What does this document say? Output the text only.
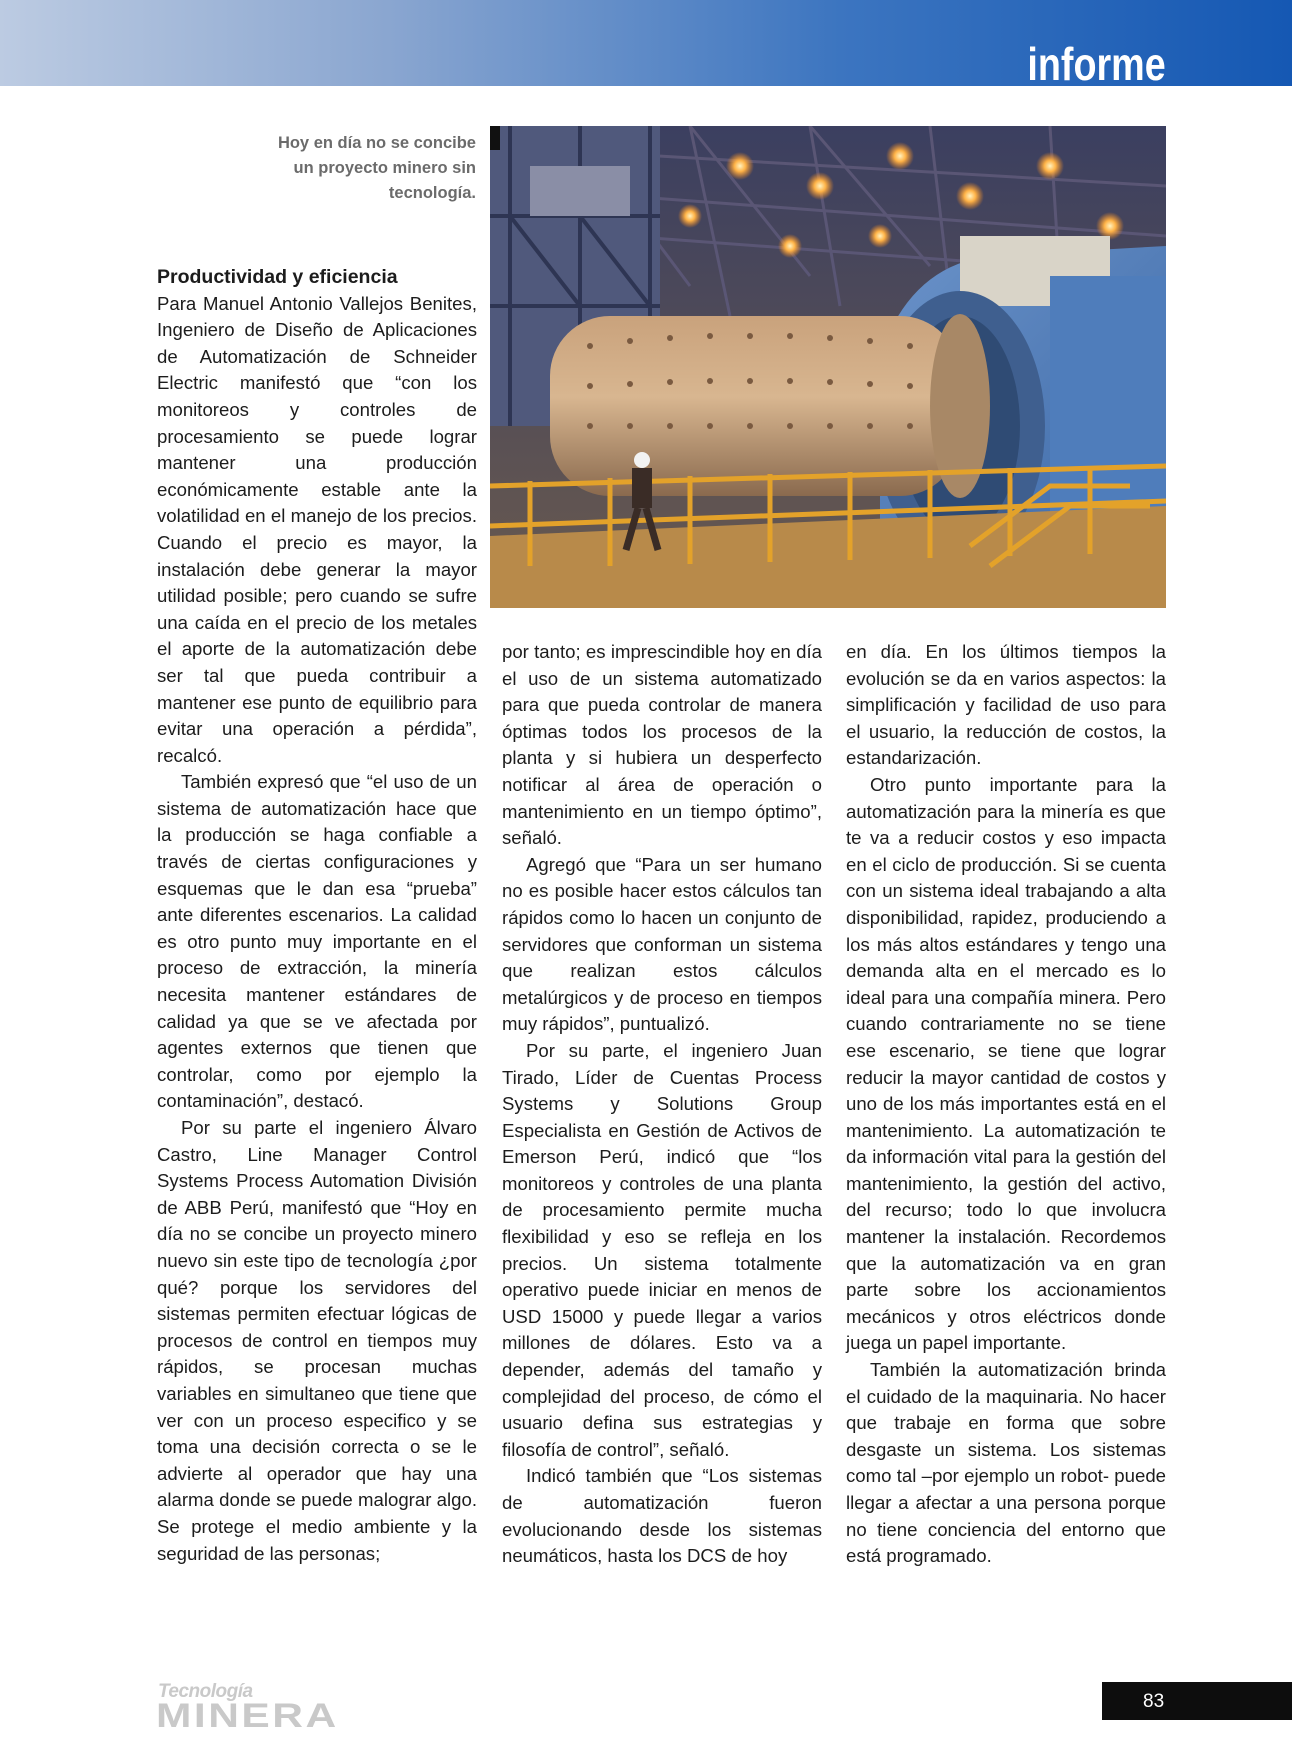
informe
Hoy en día no se concibe
un proyecto minero sin
tecnología.

Productividad y eficiencia

Para Manuel Antonio Vallejos Benites, Ingeniero de Diseño de Aplicaciones de Automatización de Schneider Electric manifestó que “con los monitoreos y controles de procesamiento se puede lograr mantener una producción económicamente estable ante la volatilidad en el manejo de los precios. Cuando el precio es mayor, la instalación debe generar la mayor utilidad posible; pero cuando se sufre una caída en el precio de los metales el aporte de la automatización debe ser tal que pueda contribuir a mantener ese punto de equilibrio para evitar una operación a pérdida”, recalcó.

También expresó que “el uso de un sistema de automatización hace que la producción se haga confiable a través de ciertas configuraciones y esquemas que le dan esa “prueba” ante diferentes escenarios. La calidad es otro punto muy importante en el proceso de extracción, la minería necesita mantener estándares de calidad ya que se ve afectada por agentes externos que tienen que controlar, como por ejemplo la contaminación”, destacó.

Por su parte el ingeniero Álvaro Castro, Line Manager Control Systems Process Automation División de ABB Perú, manifestó que “Hoy en día no se concibe un proyecto minero nuevo sin este tipo de tecnología ¿por qué? porque los servidores del sistemas permiten efectuar lógicas de procesos de control en tiempos muy rápidos, se procesan muchas variables en simultaneo que tiene que ver con un proceso especifico y se toma una decisión correcta o se le advierte al operador que hay una alarma donde se puede malograr algo. Se protege el medio ambiente y la seguridad de las personas;

por tanto; es imprescindible hoy en día el uso de un sistema automatizado para que pueda controlar de manera óptimas todos los procesos de la planta y si hubiera un desperfecto notificar al área de operación o mantenimiento en un tiempo óptimo”, señaló.

Agregó que “Para un ser humano no es posible hacer estos cálculos tan rápidos como lo hacen un conjunto de servidores que conforman un sistema que realizan estos cálculos metalúrgicos y de proceso en tiempos muy rápidos”, puntualizó.

Por su parte, el ingeniero Juan Tirado, Líder de Cuentas Process Systems y Solutions Group Especialista en Gestión de Activos de Emerson Perú, indicó que “los monitoreos y controles de una planta de procesamiento permite mucha flexibilidad y eso se refleja en los precios. Un sistema totalmente operativo puede iniciar en menos de USD 15000 y puede llegar a varios millones de dólares. Esto va a depender, además del tamaño y complejidad del proceso, de cómo el usuario defina sus estrategias y filosofía de control”, señaló.

Indicó también que “Los sistemas de automatización fueron evolucionando desde los sistemas neumáticos, hasta los DCS de hoy

en día. En los últimos tiempos la evolución se da en varios aspectos: la simplificación y facilidad de uso para el usuario, la reducción de costos, la estandarización.

Otro punto importante para la automatización para la minería es que te va a reducir costos y eso impacta en el ciclo de producción. Si se cuenta con un sistema ideal trabajando a alta disponibilidad, rapidez, produciendo a los más altos estándares y tengo una demanda alta en el mercado es lo ideal para una compañía minera. Pero cuando contrariamente no se tiene ese escenario, se tiene que lograr reducir la mayor cantidad de costos y uno de los más importantes está en el mantenimiento. La automatización te da información vital para la gestión del mantenimiento, la gestión del activo, del recurso; todo lo que involucra mantener la instalación. Recordemos que la automatización va en gran parte sobre los accionamientos mecánicos y otros eléctricos donde juega un papel importante.

También la automatización brinda el cuidado de la maquinaria. No hacer que trabaje en forma que sobre desgaste un sistema. Los sistemas como tal –por ejemplo un robot- puede llegar a afectar a una persona porque no tiene conciencia del entorno que está programado.

Tecnología
MINERA	83
